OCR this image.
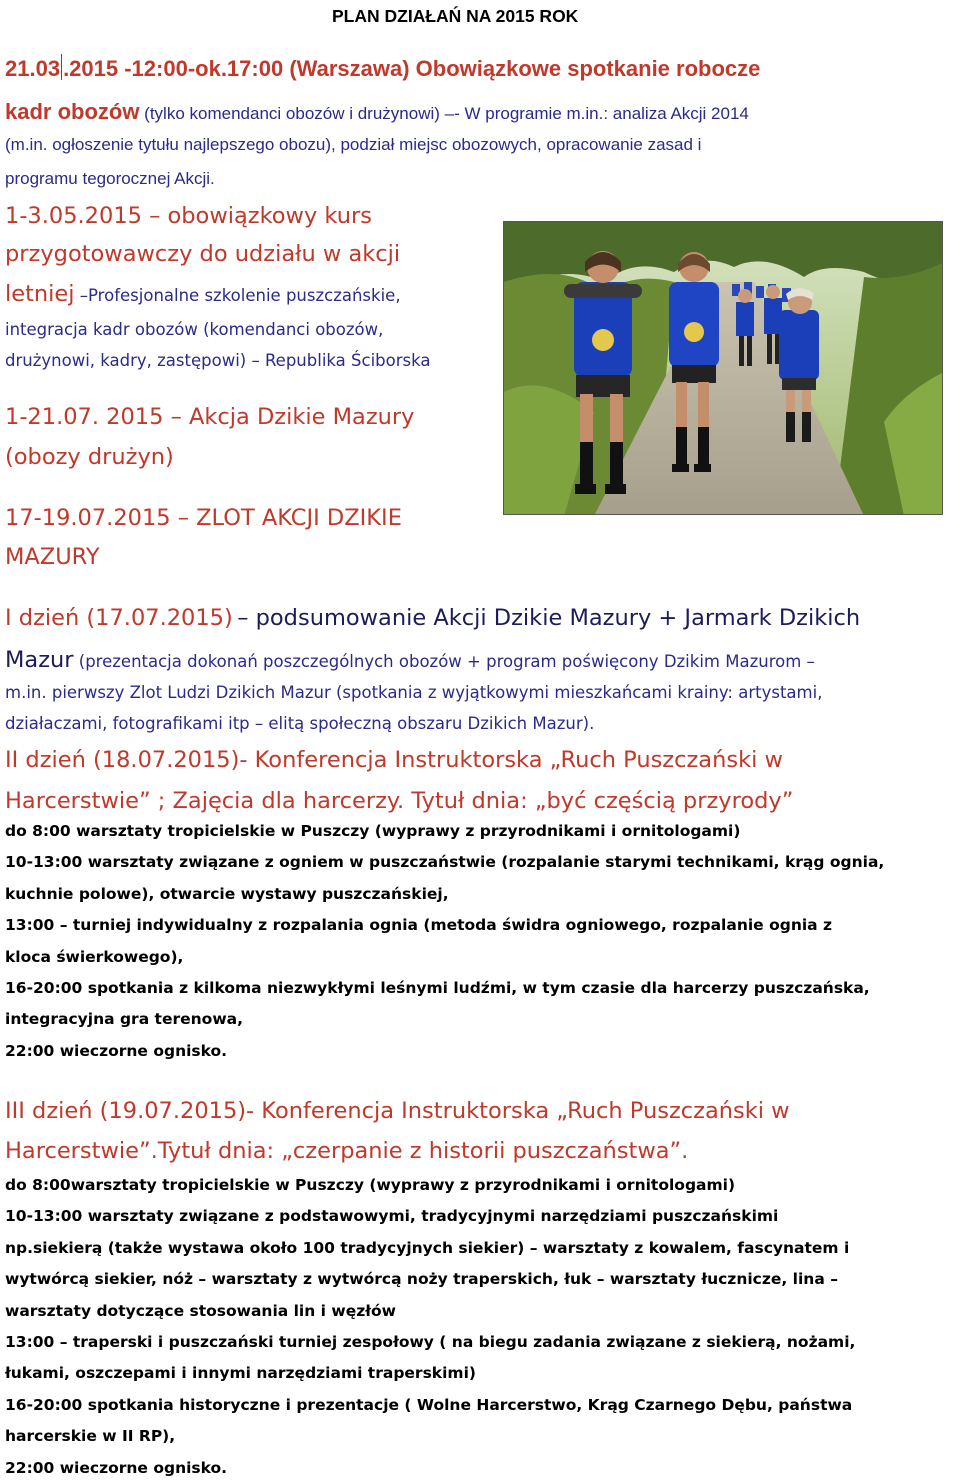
PLAN DZIAŁAŃ NA 2015 ROK
21.03 .2015 -12:00-ok.17:00 (Warszawa) Obowiązkowe spotkanie robocze
kadr obozów (tylko komendanci obozów i drużynowi) –- W programie m.in.: analiza Akcji 2014
(m.in. ogłoszenie tytułu najlepszego obozu), podział miejsc obozowych, opracowanie zasad i
programu tegorocznej Akcji.
1-3.05.2015 – obowiązkowy kurs
przygotowawczy do udziału w akcji
letniej –Profesjonalne szkolenie puszczańskie,
integracja kadr obozów (komendanci obozów,
drużynowi, kadry, zastępowi) – Republika Ściborska
1-21.07. 2015 – Akcja Dzikie Mazury
(obozy drużyn)
17-19.07.2015 – ZLOT AKCJI DZIKIE
MAZURY
I dzień (17.07.2015) – podsumowanie Akcji Dzikie Mazury + Jarmark Dzikich
Mazur (prezentacja dokonań poszczególnych obozów + program poświęcony Dzikim Mazurom –
m.in. pierwszy Zlot Ludzi Dzikich Mazur (spotkania z wyjątkowymi mieszkańcami krainy: artystami,
działaczami, fotografikami itp – elitą społeczną obszaru Dzikich Mazur).
II dzień (18.07.2015)- Konferencja Instruktorska „Ruch Puszczański w
Harcerstwie” ; Zajęcia dla harcerzy. Tytuł dnia: „być częścią przyrody”
do 8:00 warsztaty tropicielskie w Puszczy (wyprawy z przyrodnikami i ornitologami)
10-13:00 warsztaty związane z ogniem w puszczaństwie (rozpalanie starymi technikami, krąg ognia,
kuchnie polowe), otwarcie wystawy puszczańskiej,
13:00 – turniej indywidualny z rozpalania ognia (metoda świdra ogniowego, rozpalanie ognia z
kloca świerkowego),
16-20:00 spotkania z kilkoma niezwykłymi leśnymi ludźmi, w tym czasie dla harcerzy puszczańska,
integracyjna gra terenowa,
22:00 wieczorne ognisko.
III dzień (19.07.2015)- Konferencja Instruktorska „Ruch Puszczański w
Harcerstwie”.Tytuł dnia: „czerpanie z historii puszczaństwa”.
do 8:00warsztaty tropicielskie w Puszczy (wyprawy z przyrodnikami i ornitologami)
10-13:00 warsztaty związane z podstawowymi, tradycyjnymi narzędziami puszczańskimi
np.siekierą (także wystawa około 100 tradycyjnych siekier) – warsztaty z kowalem, fascynatem i
wytwórcą siekier, nóż – warsztaty z wytwórcą noży traperskich, łuk – warsztaty łucznicze, lina –
warsztaty dotyczące stosowania lin i węzłów
13:00 – traperski i puszczański turniej zespołowy ( na biegu zadania związane z siekierą, nożami,
łukami, oszczepami i innymi narzędziami traperskimi)
16-20:00 spotkania historyczne i prezentacje ( Wolne Harcerstwo, Krąg Czarnego Dębu, państwa
harcerskie w II RP),
22:00 wieczorne ognisko.
